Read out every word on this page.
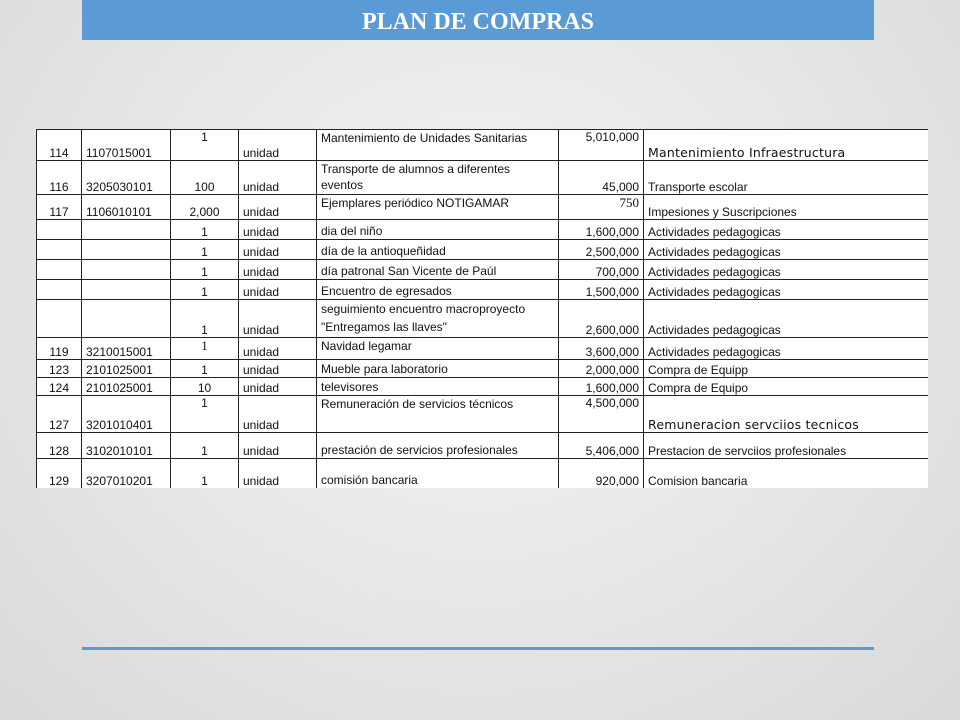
PLAN DE COMPRAS
114	1107015001	1	unidad	Mantenimiento de Unidades Sanitarias	5,010,000	Mantenimiento Infraestructura
116	3205030101	100	unidad	Transporte de alumnos a diferentes eventos	45,000	Transporte escolar
117	1106010101	2,000	unidad	Ejemplares periódico NOTIGAMAR	750	Impesiones y Suscripciones
		1	unidad	dia del niño	1,600,000	Actividades pedagogicas
		1	unidad	día de la antioqueñidad	2,500,000	Actividades pedagogicas
		1	unidad	día patronal San Vicente de Paúl	700,000	Actividades pedagogicas
		1	unidad	Encuentro de egresados	1,500,000	Actividades pedagogicas
		1	unidad	seguimiento encuentro macroproyecto "Entregamos las llaves"	2,600,000	Actividades pedagogicas
119	3210015001	1	unidad	Navidad legamar	3,600,000	Actividades pedagogicas
123	2101025001	1	unidad	Mueble para laboratorio	2,000,000	Compra de Equipp
124	2101025001	10	unidad	televisores	1,600,000	Compra de Equipo
127	3201010401	1	unidad	Remuneración de servicios técnicos	4,500,000	Remuneracion servciios tecnicos
128	3102010101	1	unidad	prestación de servicios profesionales	5,406,000	Prestacion de servciios profesionales
129	3207010201	1	unidad	comisión bancaria	920,000	Comision bancaria
